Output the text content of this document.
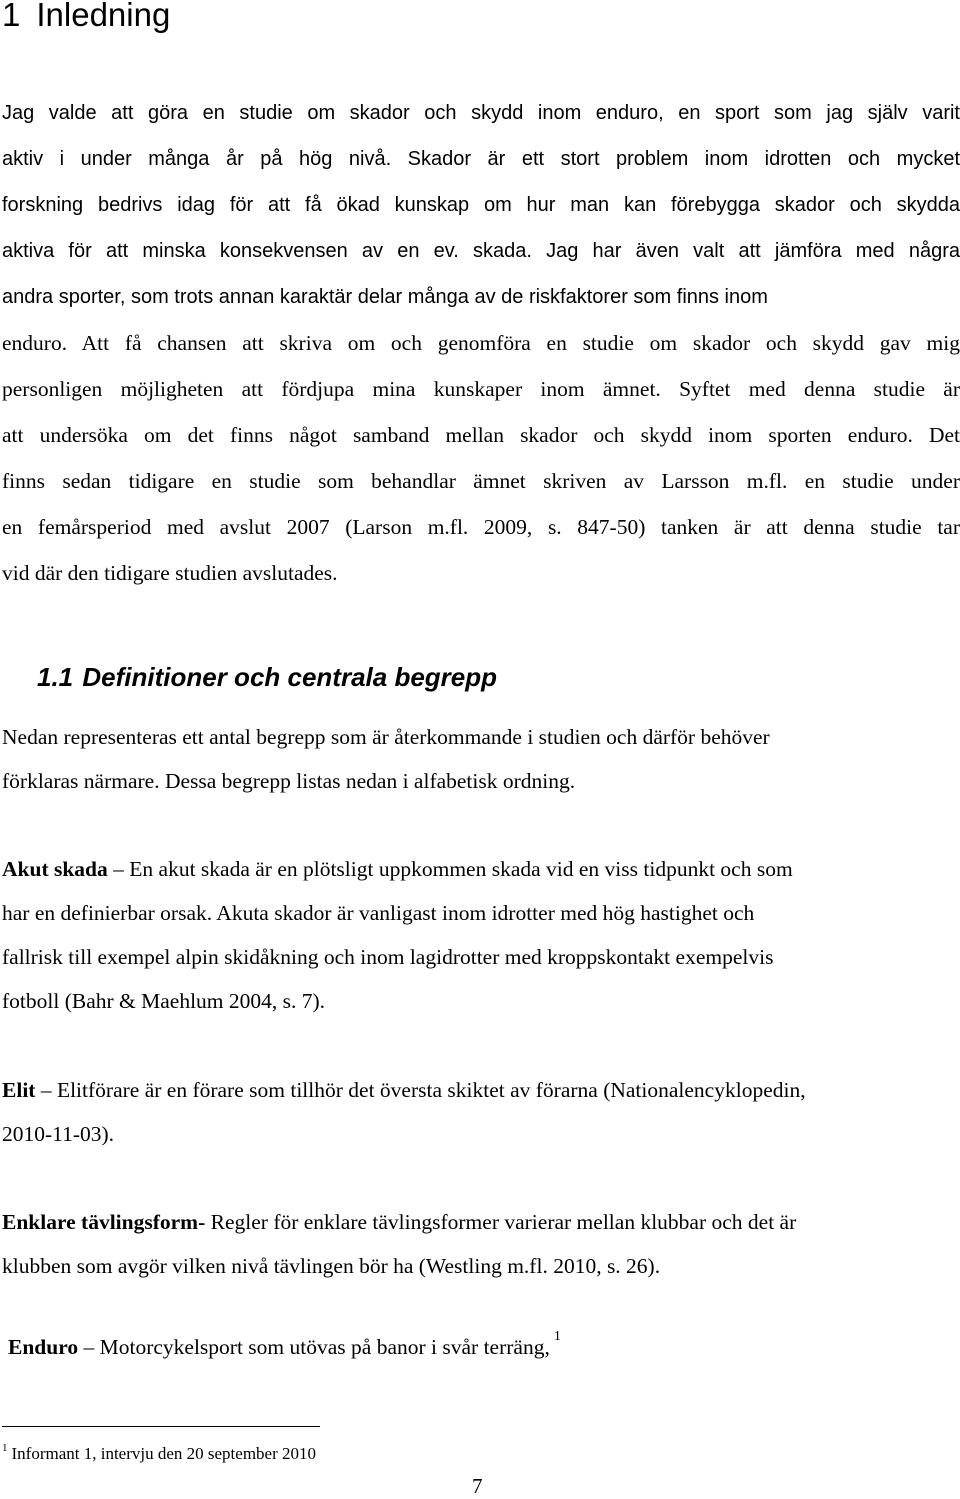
1 Inledning
Jag valde att göra en studie om skador och skydd inom enduro, en sport som jag själv varit
aktiv i under många år på hög nivå. Skador är ett stort problem inom idrotten och mycket
forskning bedrivs idag för att få ökad kunskap om hur man kan förebygga skador och skydda
aktiva för att minska konsekvensen av en ev. skada. Jag har även valt att jämföra med några
andra sporter, som trots annan karaktär delar många av de riskfaktorer som finns inom
enduro. Att få chansen att skriva om och genomföra en studie om skador och skydd gav mig
personligen möjligheten att fördjupa mina kunskaper inom ämnet. Syftet med denna studie är
att undersöka om det finns något samband mellan skador och skydd inom sporten enduro. Det
finns sedan tidigare en studie som behandlar ämnet skriven av Larsson m.fl. en studie under
en femårsperiod med avslut 2007 (Larson m.fl. 2009, s. 847-50) tanken är att denna studie tar
vid där den tidigare studien avslutades.
1.1 Definitioner och centrala begrepp
Nedan representeras ett antal begrepp som är återkommande i studien och därför behöver
förklaras närmare. Dessa begrepp listas nedan i alfabetisk ordning.
Akut skada – En akut skada är en plötsligt uppkommen skada vid en viss tidpunkt och som
har en definierbar orsak. Akuta skador är vanligast inom idrotter med hög hastighet och
fallrisk till exempel alpin skidåkning och inom lagidrotter med kroppskontakt exempelvis
fotboll (Bahr & Maehlum 2004, s. 7).
Elit – Elitförare är en förare som tillhör det översta skiktet av förarna (Nationalencyklopedin,
2010-11-03).
Enklare tävlingsform- Regler för enklare tävlingsformer varierar mellan klubbar och det är
klubben som avgör vilken nivå tävlingen bör ha (Westling m.fl. 2010, s. 26).
Enduro – Motorcykelsport som utövas på banor i svår terräng, $^1$
$^1$ Informant 1, intervju den 20 september 2010
7
